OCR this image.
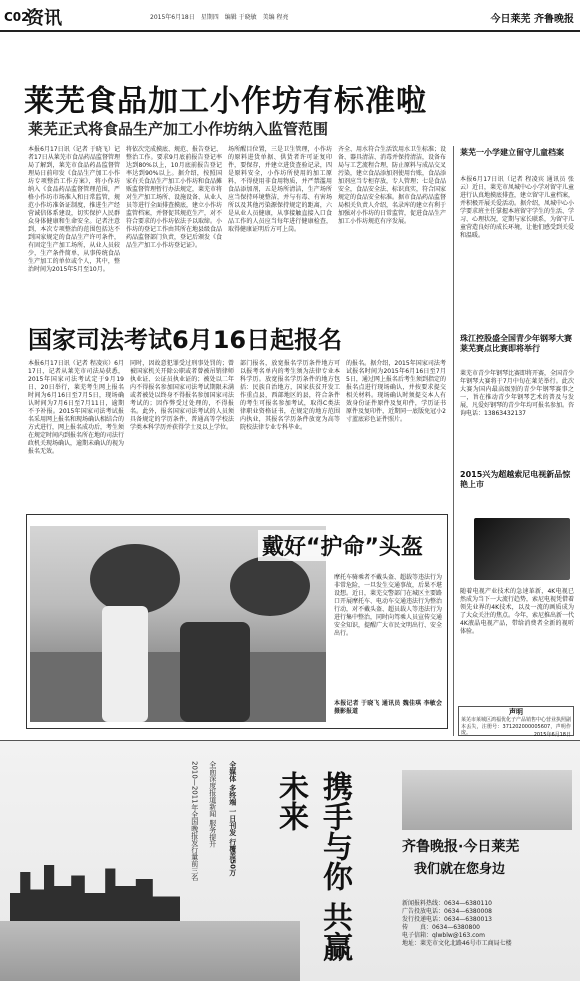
C02
资讯	2015年6月18日　星期四　编辑 于晓敏　美编 程亮	今日莱芜 齐鲁晚报
莱芜食品加工小作坊有标准啦
莱芜正式将食品生产加工小作坊纳入监管范围
本报6月17日讯（记者 于晓飞）记者17日从莱芜市食品药品监督管理局了解到，莱芜市食品药品监督管理局日前印发《食品生产加工小作坊专项整治工作方案》，将小作坊纳入《食品药品监督管理范围，严格小作坊市场准入和日常监管，规范小作坊准备证制度，推进生产经营诚信体系建设，切实保护人民群众身体健康和生命安全。记者注意到，本次专项整治的范围包括达不到国家规定的食品生产许可条件，有固定生产加工场所，从业人员较少，生产条件简单，从事传统食品生产加工的单位或个人，其中，整治时间为2015年5月至10月。
将依次完成摸底、规范、报告登记、整治工作。要求9月底前报告登记率达到80%以上，10月底前报告登记率达到90%以上。据介绍，按照国家有关食品生产加工小作坊和食品摊贩监督管理暂行办法规定，莱芜市将对生产加工场所、设施设备、从业人员等进行全面排查摸底，建立小作坊监管档案，并督促其规范生产，对不符合要求的小作坊依法予以取缔。小作坊的登记工作由其所在地县级食品药品监督部门负责，登记后颁发《食品生产加工小作坊登记证》。
场所醒目位置，三是卫生管理，小作坊的原料进货单据、供货者许可证复印件，要保存，并建立进货查验记录，四是原料安全，小作坊所使用的加工原料，不得使用非食用物质，并严禁滥用食品添加剂，五是场所清洁，生产场所应当保持环境整洁，并与有毒、有害场所以及其他污染源保持规定的距离，六是从业人员健康，从事接触直接入口食品工作的人员应当每年进行健康检查，取得健康证明后方可上岗。
齐全、用水符合生活饮用水卫生标准；设备、器具清洁、消毒并保持清洁，设备布局与工艺流程合理，防止原料与成品交叉污染，建立食品添加剂使用台账，食品添加剂应当专柜存放，专人管理；七是食品安全，食品安全法、标识真实，符合国家规定的食品安全标准。据市食品药品监督局相关负责人介绍，名录库的建立有利于加强对小作坊的日常监管，促进食品生产加工小作坊规范有序发展。
莱芜一小学建立留守儿童档案
本报6月17日讯（记者 程凌宾 通讯员 张云）近日，莱芜市凤城中心小学对留守儿童进行认真地摸底排查，建立留守儿童档案，并积极开展关爱活动。据介绍，凤城中心小学要求班主任掌握本班留守学生的生活、学习、心理状况，定期与家长联系，为留守儿童营造良好的成长环境，让他们感受到关爱和温暖。
珠江控股盛全国青少年钢琴大赛莱芜赛点比赛即将举行
莱芜市青少年钢琴比赛即将开赛，全国青少年钢琴大赛将于7月中旬在莱芜举行。此次大赛为国内最高级别的青少年钢琴赛事之一，旨在推动青少年钢琴艺术的普及与发展，凡爱好钢琴的青少年均可报名参加。咨询电话：13863432137
2015兴为超越索尼电视新品惊艳上市
随着电视产业技术的急速革新，4K电视已然成为当下一大流行趋势，索尼电视凭借着领先业界的4K技术，以及一流的画质成为了大众关注的焦点。今年，索尼推出新一代4K液晶电视产品，带给消费者全新的视听体验。
声明
莱芜市莱城区鸿福优化子产品销售中心营业执照副本丢失，注册号：371202000005607，声明作废。	2015年6月18日
国家司法考试6月16日起报名
本报6月17日讯（记者 程凌宾）6月17日，记者从莱芜市司法局获悉，2015年国家司法考试定于9月19日、20日举行，莱芜考生网上报名时间为6月16日至7月5日，现场确认时间为7月6日至7月11日，逾期不予补报。2015年国家司法考试报名采用网上报名和现场确认相结合的方式进行，网上报名成功后，考生须在规定时间内到报名所在地的司法行政机关现场确认，逾期未确认的视为报名无效。
同时，因故意犯罪受过刑事处罚的；曾被国家机关开除公职或者曾被吊销律师执业证、公证员执业证的；被处以二年内不得报名参加国家司法考试期限未满或者被处以终身不得报名参加国家司法考试的；因作弊受过处理的，不得报名。此外，报名国家司法考试的人员须具备规定的学历条件，普通高等学校法学类本科学历并获得学士及以上学位。
部门报名，放宽报名学历条件地方可以报考名单内的考生须为法律专业本科学历。放宽报名学历条件的地方包括：民族自治地方，国家扶贫开发工作重点县，西部地区的县，符合条件的考生可报名参加考试，取得C类法律职业资格证书，在规定的地方范围内执业，其报名学历条件放宽为高等院校法律专业专科毕业。
的报名。据介绍，2015年国家司法考试报名时间为2015年6月16日至7月5日，通过网上报名后考生须到指定的报名点进行现场确认，并按要求提交相关材料。现场确认时须提交本人有效身份证件原件及复印件，学历证书原件及复印件，近期同一底版免冠小2寸蓝底彩色证件照片。
戴好“护命”头盔
摩托车骑乘者不戴头盔、超载等违法行为非常危险，一旦发生交通事故，后果不堪设想。近日，莱芜交警部门在城区主要路口开展摩托车、电动车交通违法行为整治行动，对不戴头盔、超员载人等违法行为进行集中整治，同时向驾乘人员宣传交通安全知识，提醒广大市民文明出行、安全出行。
本报记者 于晓飞 通讯员 魏佳琪 李敏会 摄影报道
2010—2011年全国晚报发行量前三名 全面深度报道新闻 服务提升 全媒体 多终端 一日刊发 行覆盖50万	携手与你 共赢未来
齐鲁晚报·今日莱芜
我们就在您身边
新闻报料热线：0634—6380110
广告投放电话：0634—6380008
发行投递电话：0634—6380013
传　　真：0634—6380800
电子信箱：qlwblw@163.com
地址：莱芜市文化北路46号市工商局七楼
